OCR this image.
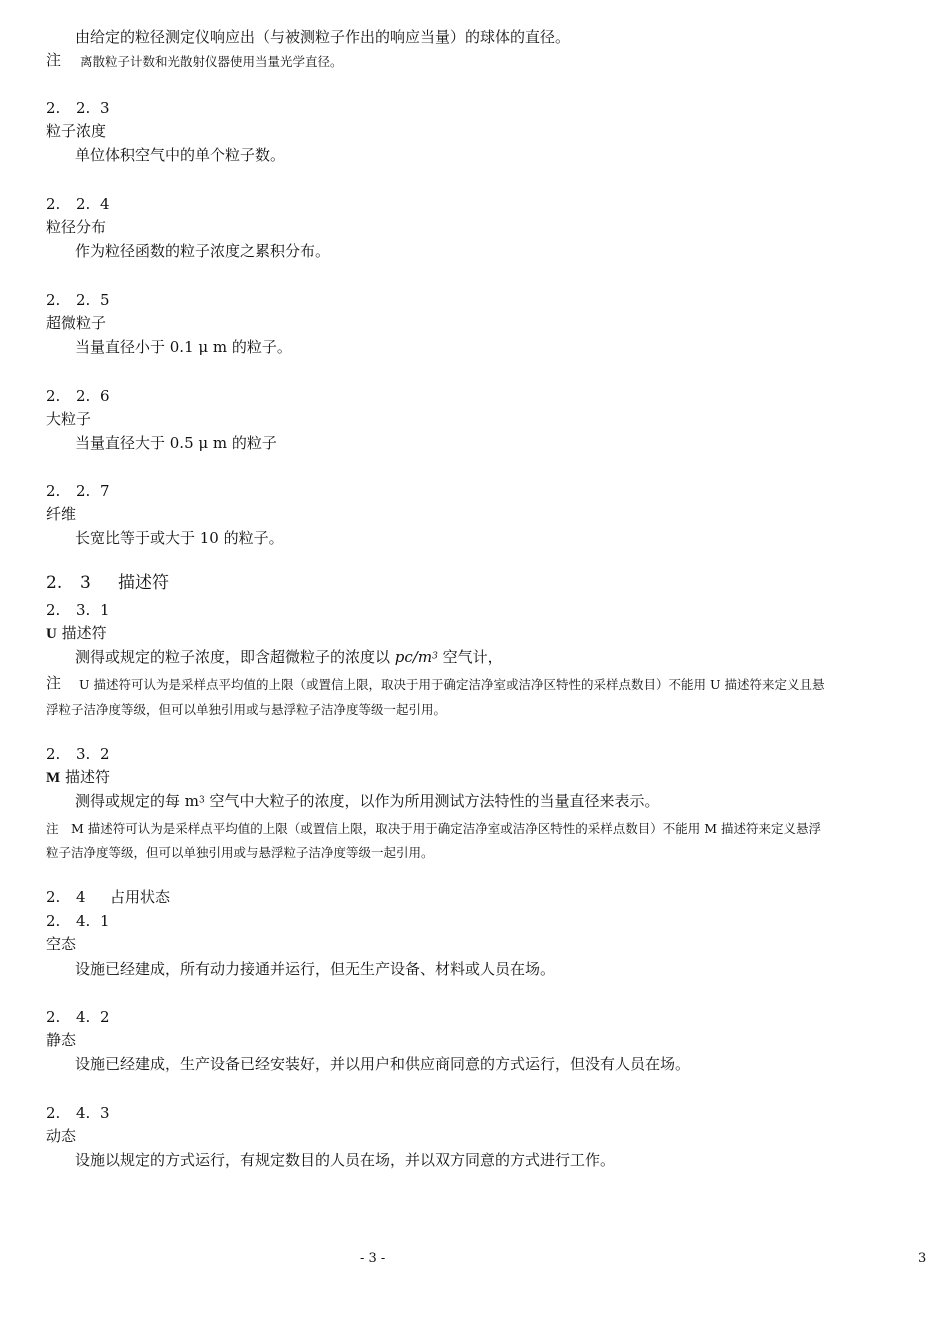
由给定的粒径测定仪响应出（与被测粒子作出的响应当量）的球体的直径。
注 离散粒子计数和光散射仪器使用当量光学直径。
2. 2. 3
粒子浓度
单位体积空气中的单个粒子数。
2. 2. 4
粒径分布
作为粒径函数的粒子浓度之累积分布。
2. 2. 5
超微粒子
当量直径小于 0.1 μ m 的粒子。
2. 2. 6
大粒子
当量直径大于 0.5 μ m 的粒子
2. 2. 7
纤维
长宽比等于或大于 10 的粒子。
2. 3 描述符
2. 3. 1
U 描述符
测得或规定的粒子浓度，即含超微粒子的浓度以 $pc/m^3$ 空气计，
注 U 描述符可认为是采样点平均值的上限（或置信上限，取决于用于确定洁净室或洁净区特性的采样点数目）不能用 U 描述符来定义且悬
浮粒子洁净度等级，但可以单独引用或与悬浮粒子洁净度等级一起引用。
2. 3. 2
M 描述符
测得或规定的每 $m^3$ 空气中大粒子的浓度，以作为所用测试方法特性的当量直径来表示。
注　M 描述符可认为是采样点平均值的上限（或置信上限，取决于用于确定洁净室或洁净区特性的采样点数目）不能用 M 描述符来定义悬浮
粒子洁净度等级，但可以单独引用或与悬浮粒子洁净度等级一起引用。
2. 4 占用状态
2. 4. 1
空态
设施已经建成，所有动力接通并运行，但无生产设备、材料或人员在场。
2. 4. 2
静态
设施已经建成，生产设备已经安装好，并以用户和供应商同意的方式运行，但没有人员在场。
2. 4. 3
动态
设施以规定的方式运行，有规定数目的人员在场，并以双方同意的方式进行工作。
- 3 -	3
